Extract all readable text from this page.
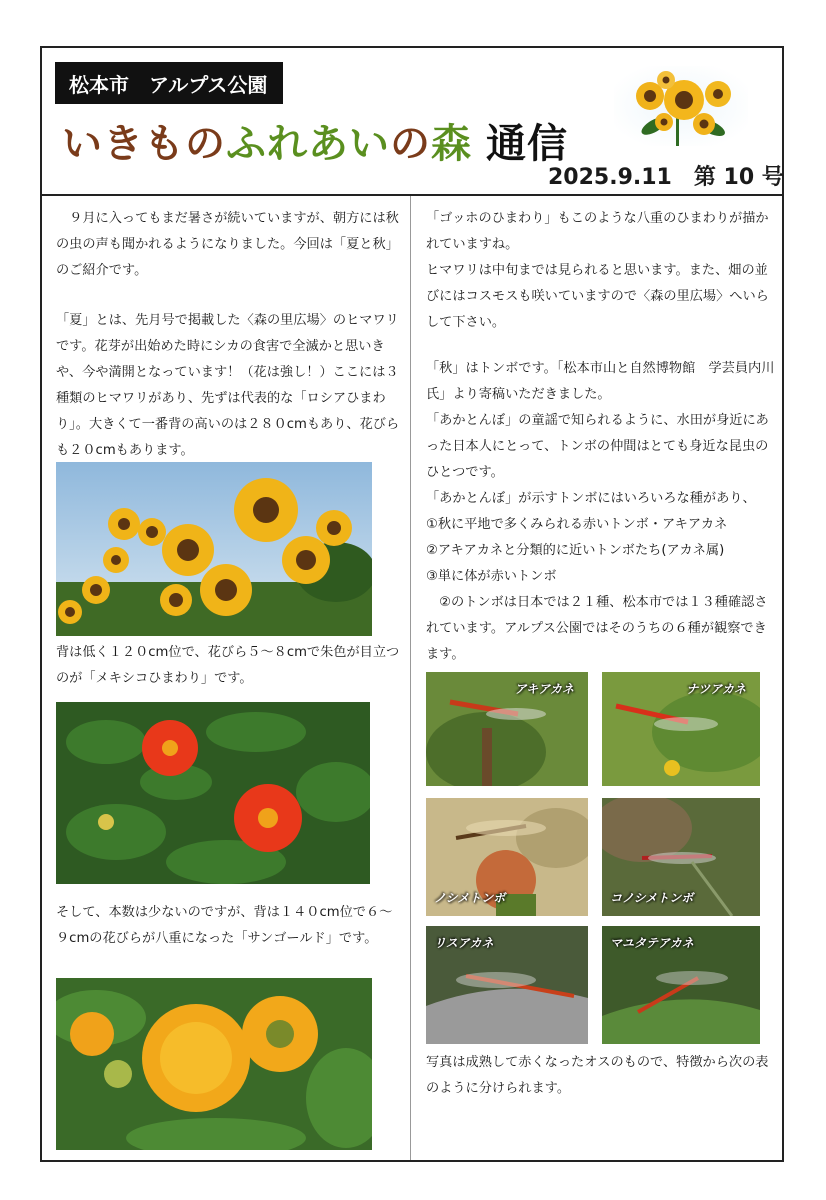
松本市　アルプス公園
いきものふれあいの森 通信
2025.9.11　第 10 号

　９月に入ってもまだ暑さが続いていますが、朝方には秋の虫の声も聞かれるようになりました。今回は「夏と秋」のご紹介です。

「夏」とは、先月号で掲載した〈森の里広場〉のヒマワリです。花芽が出始めた時にシカの食害で全滅かと思いきや、今や満開となっています！（花は強し！）ここには３種類のヒマワリがあり、先ずは代表的な「ロシアひまわり」。大きくて一番背の高いのは２８０cmもあり、花びらも２０cmもあります。

背は低く１２０cm位で、花びら５～８cmで朱色が目立つのが「メキシコひまわり」です。

そして、本数は少ないのですが、背は１４０cm位で６～９cmの花びらが八重になった「サンゴールド」です。

「ゴッホのひまわり」もこのような八重のひまわりが描かれていますね。

ヒマワリは中旬までは見られると思います。また、畑の並びにはコスモスも咲いていますので〈森の里広場〉へいらして下さい。

「秋」はトンボです。「松本市山と自然博物館　学芸員内川氏」より寄稿いただきました。

「あかとんぼ」の童謡で知られるように、水田が身近にあった日本人にとって、トンボの仲間はとても身近な昆虫のひとつです。

「あかとんぼ」が示すトンボにはいろいろな種があり、

①秋に平地で多くみられる赤いトンボ・アキアカネ

②アキアカネと分類的に近いトンボたち(アカネ属)

③単に体が赤いトンボ

　②のトンボは日本では２１種、松本市では１３種確認されています。アルプス公園ではそのうちの６種が観察できます。

アキアカネ	ナツアカネ
ノシメトンボ	コノシメトンボ
リスアカネ	マユタテアカネ

写真は成熟して赤くなったオスのもので、特徴から次の表のように分けられます。
